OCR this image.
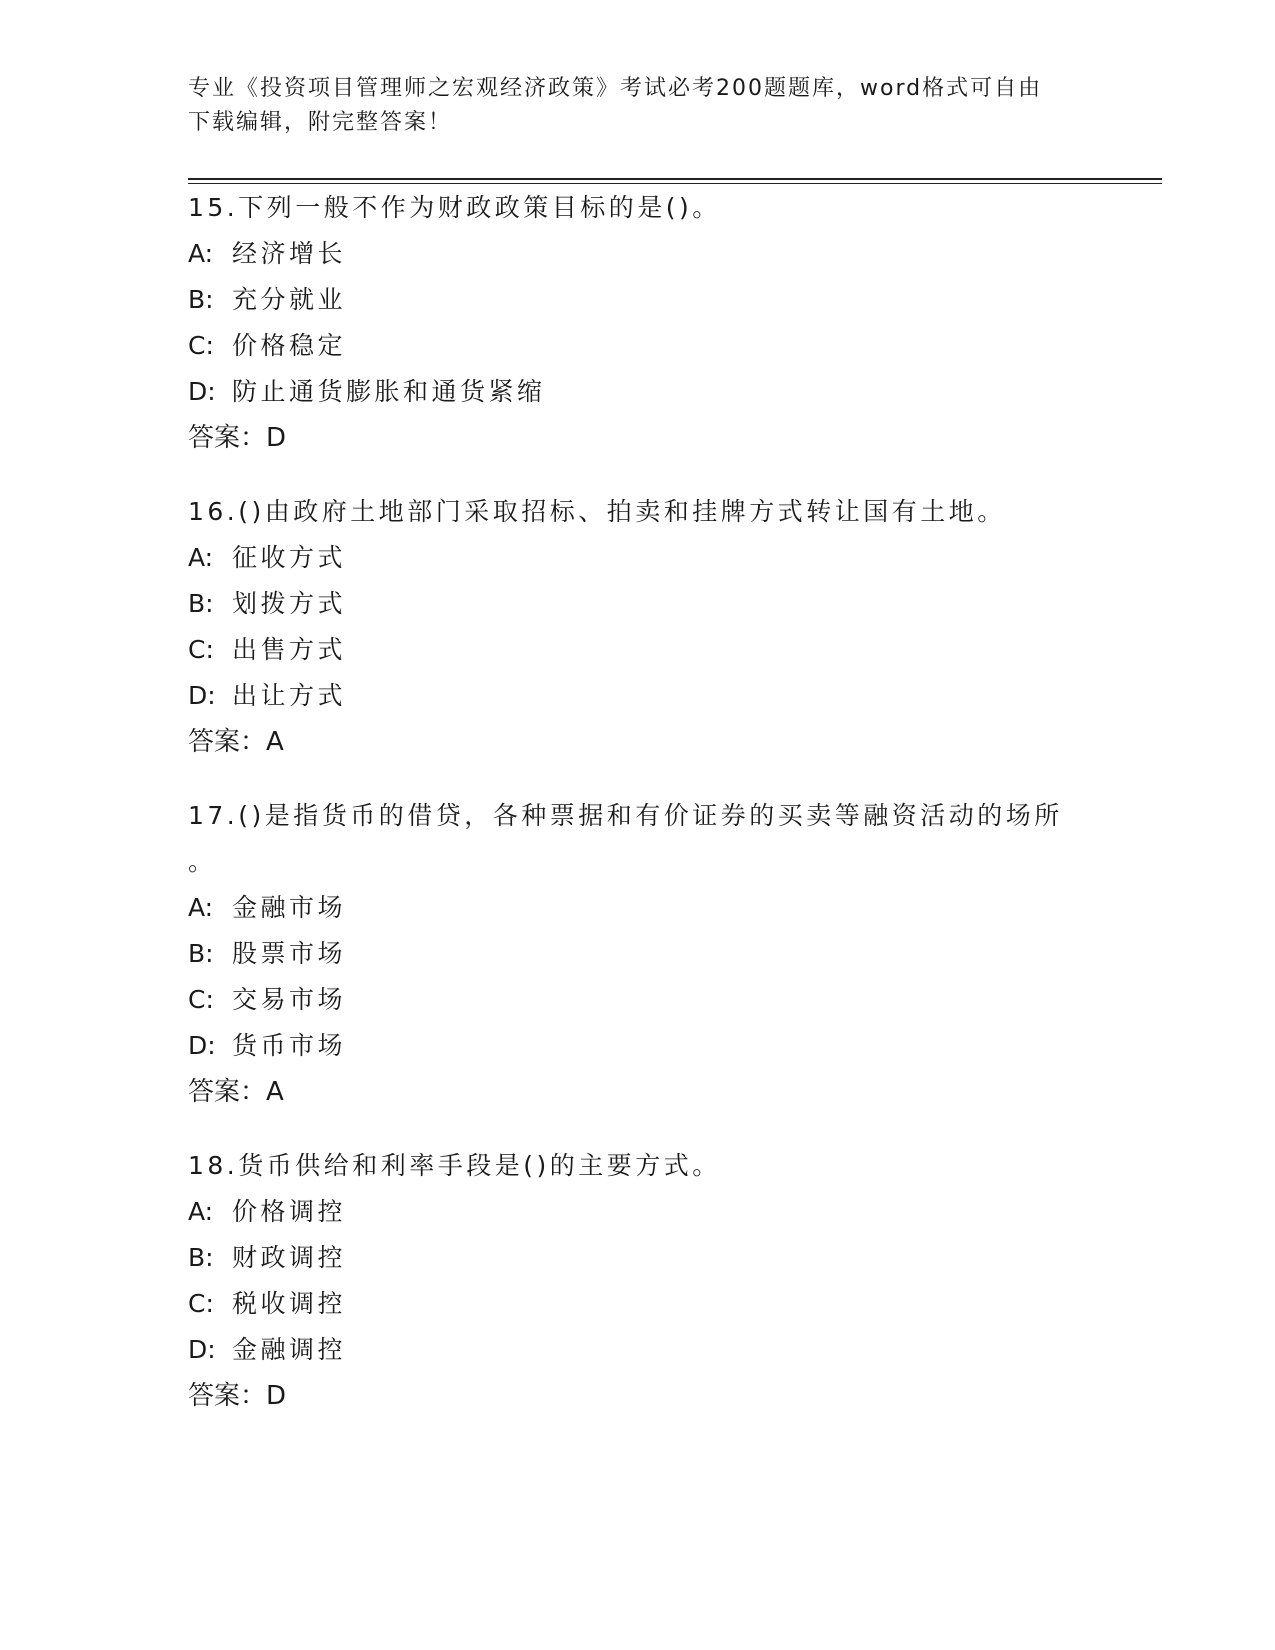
专业《投资项目管理师之宏观经济政策》考试必考200题题库，word格式可自由
下载编辑，附完整答案！
15.下列一般不作为财政政策目标的是()。
A: 经济增长
B: 充分就业
C: 价格稳定
D: 防止通货膨胀和通货紧缩
答案：D
16.()由政府土地部门采取招标、拍卖和挂牌方式转让国有土地。
A: 征收方式
B: 划拨方式
C: 出售方式
D: 出让方式
答案：A
17.()是指货币的借贷，各种票据和有价证券的买卖等融资活动的场所
。
A: 金融市场
B: 股票市场
C: 交易市场
D: 货币市场
答案：A
18.货币供给和利率手段是()的主要方式。
A: 价格调控
B: 财政调控
C: 税收调控
D: 金融调控
答案：D
